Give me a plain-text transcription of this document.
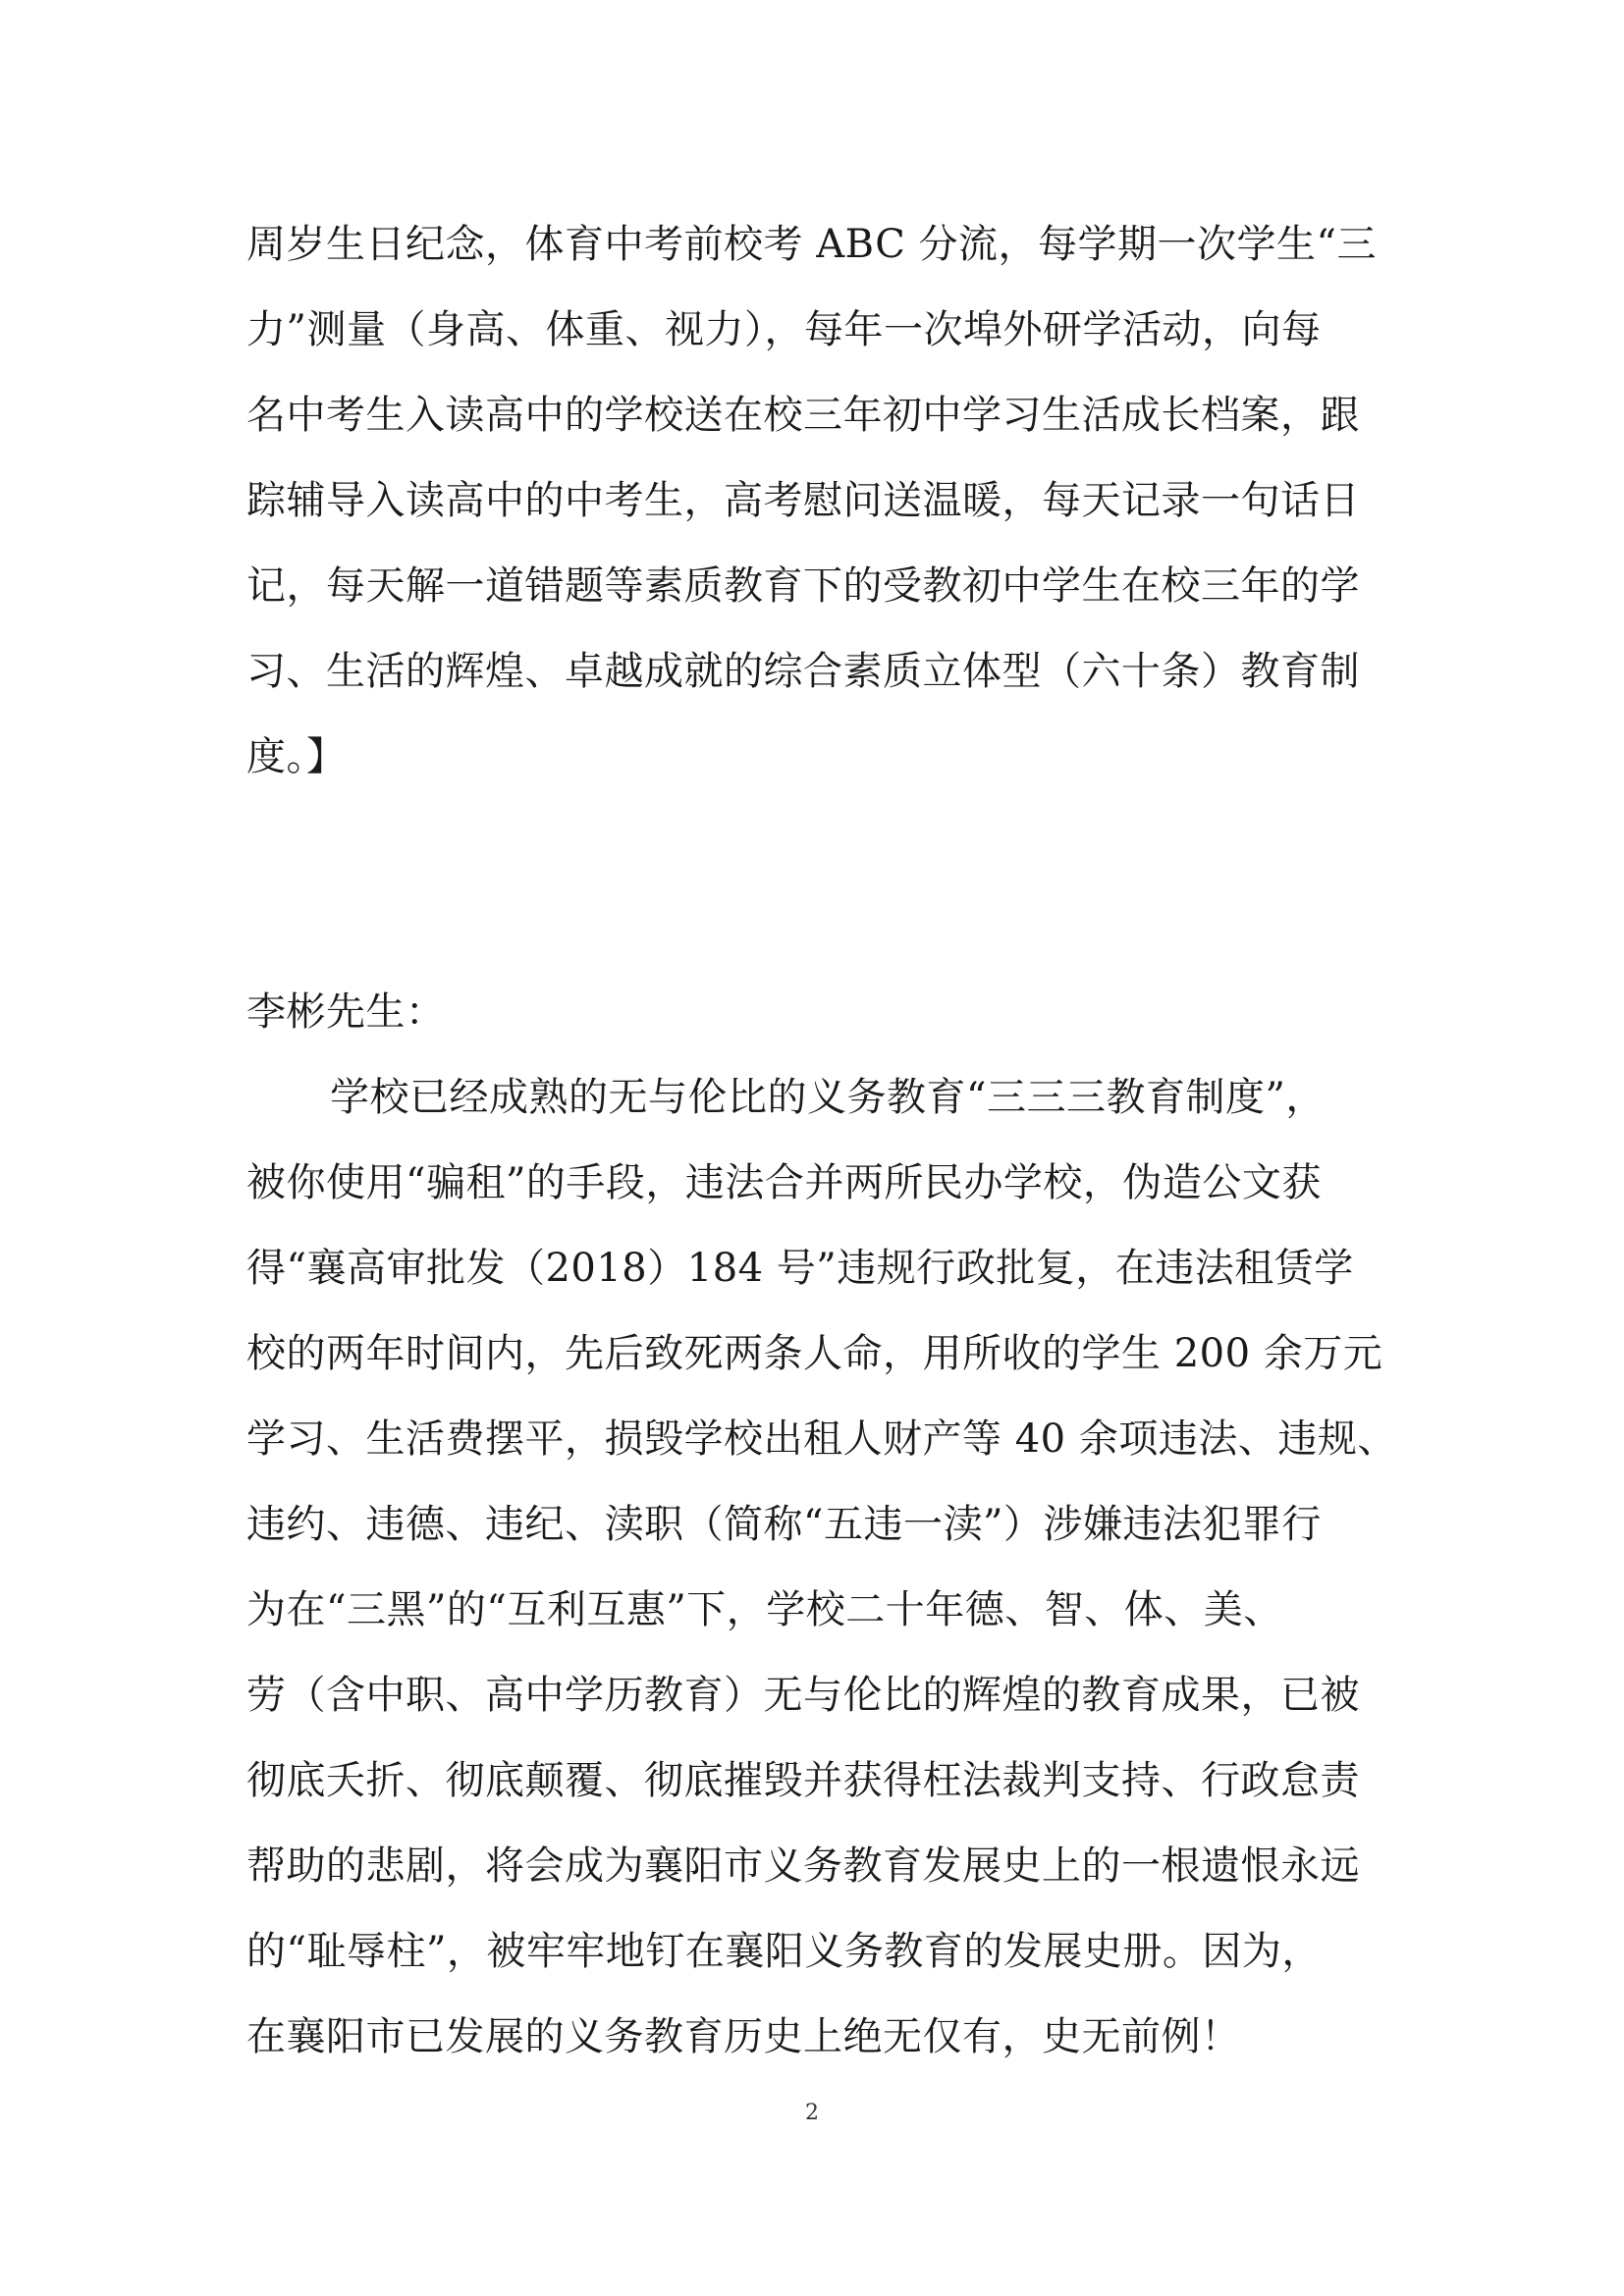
周岁生日纪念，体育中考前校考 ABC 分流，每学期一次学生“三

力”测量（身高、体重、视力），每年一次埠外研学活动，向每

名中考生入读高中的学校送在校三年初中学习生活成长档案，跟

踪辅导入读高中的中考生，高考慰问送温暖，每天记录一句话日

记，每天解一道错题等素质教育下的受教初中学生在校三年的学

习、生活的辉煌、卓越成就的综合素质立体型（六十条）教育制

度。】

李彬先生：

学校已经成熟的无与伦比的义务教育“三三三教育制度”，

被你使用“骗租”的手段，违法合并两所民办学校，伪造公文获

得“襄高审批发（2018）184 号”违规行政批复，在违法租赁学

校的两年时间内，先后致死两条人命，用所收的学生 200 余万元

学习、生活费摆平，损毁学校出租人财产等 40 余项违法、违规、

违约、违德、违纪、渎职（简称“五违一渎”）涉嫌违法犯罪行

为在“三黑”的“互利互惠”下，学校二十年德、智、体、美、

劳（含中职、高中学历教育）无与伦比的辉煌的教育成果，已被

彻底夭折、彻底颠覆、彻底摧毁并获得枉法裁判支持、行政怠责

帮助的悲剧，将会成为襄阳市义务教育发展史上的一根遗恨永远

的“耻辱柱”，被牢牢地钉在襄阳义务教育的发展史册。因为，

在襄阳市已发展的义务教育历史上绝无仅有，史无前例！

2
